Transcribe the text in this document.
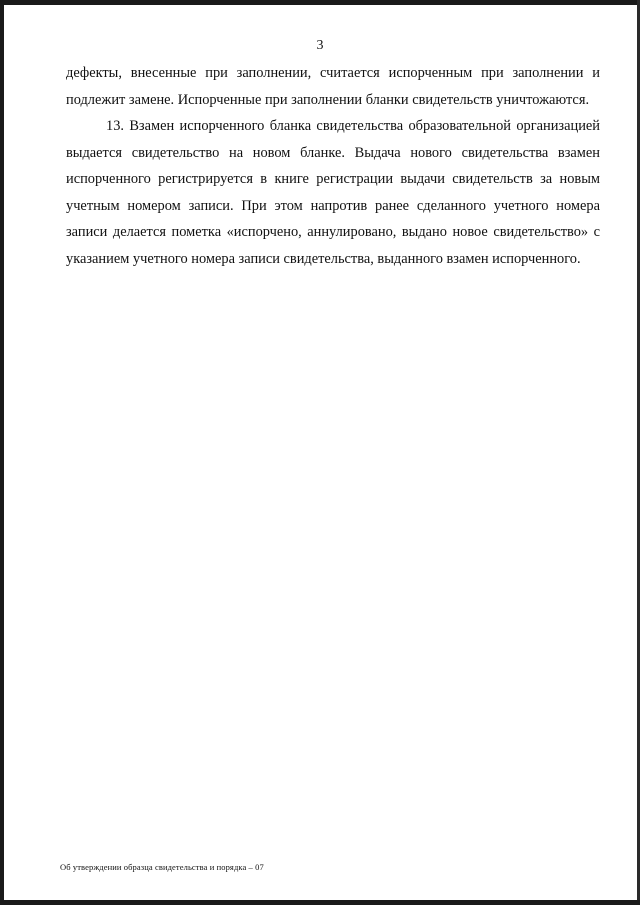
3

дефекты, внесенные при заполнении, считается испорченным при заполнении и подлежит замене. Испорченные при заполнении бланки свидетельств уничтожаются.

13. Взамен испорченного бланка свидетельства образовательной организацией выдается свидетельство на новом бланке. Выдача нового свидетельства взамен испорченного регистрируется в книге регистрации выдачи свидетельств за новым учетным номером записи. При этом напротив ранее сделанного учетного номера записи делается пометка «испорчено, аннулировано, выдано новое свидетельство» с указанием учетного номера записи свидетельства, выданного взамен испорченного.

Об утверждении образца свидетельства и порядка – 07
